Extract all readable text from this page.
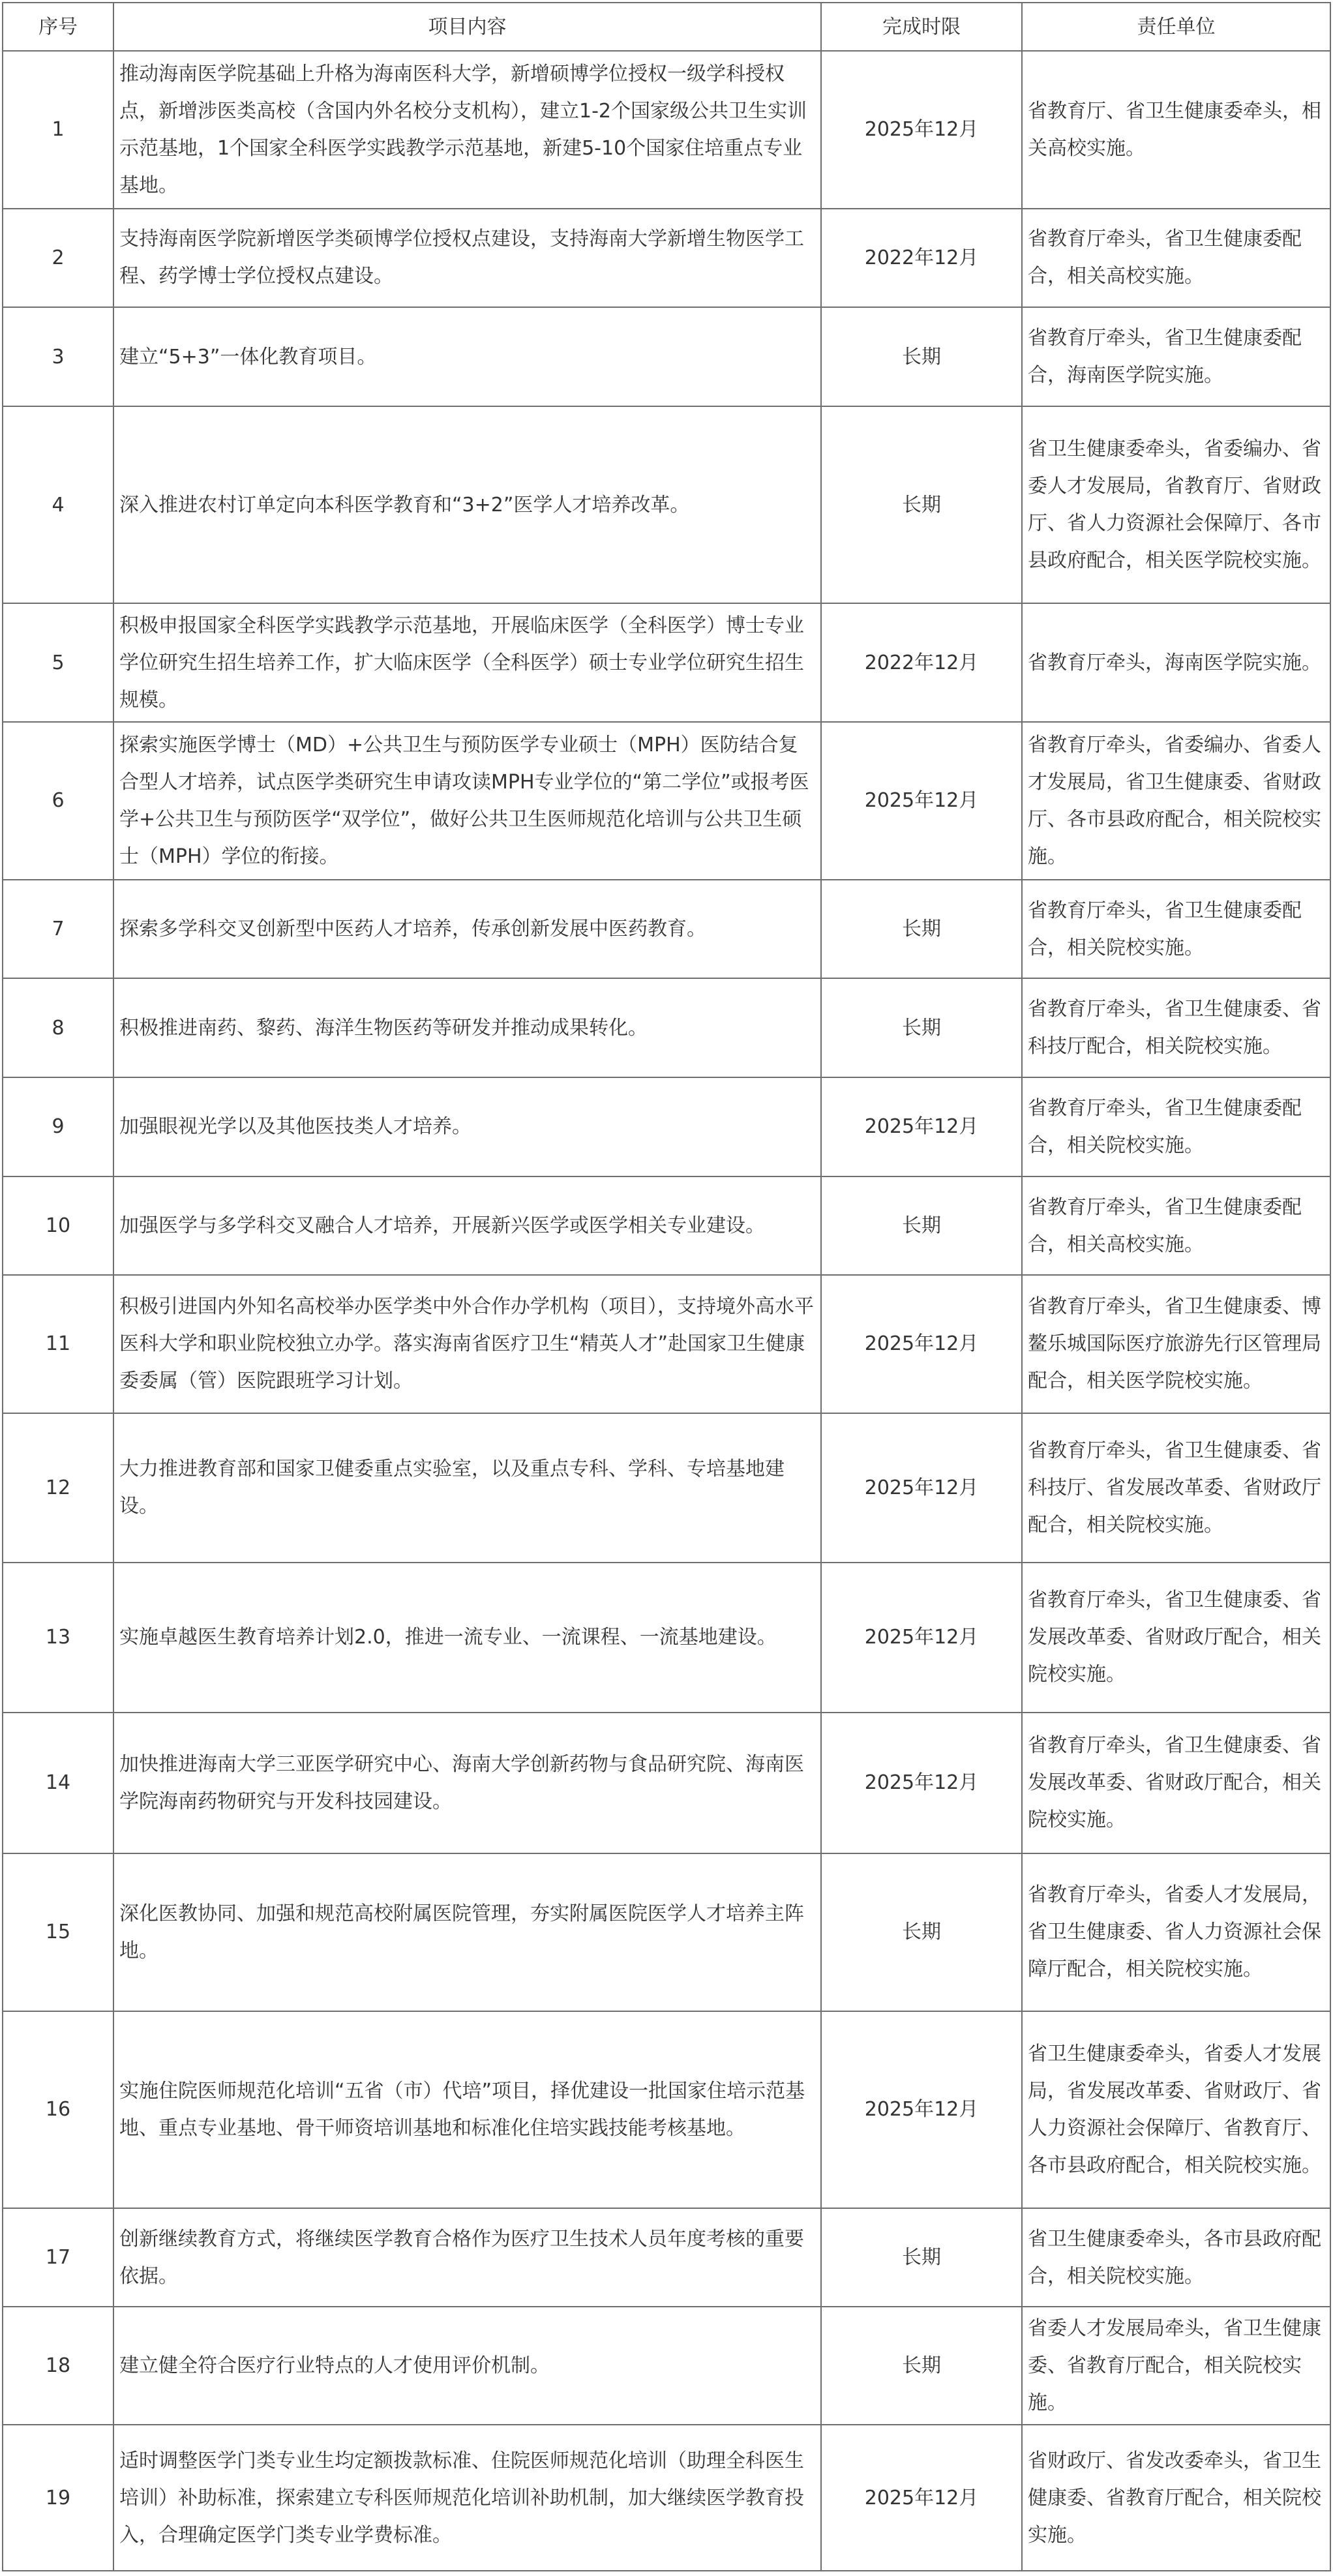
序号	项目内容	完成时限	责任单位
1	推动海南医学院基础上升格为海南医科大学，新增硕博学位授权一级学科授权点，新增涉医类高校（含国内外名校分支机构），建立1-2个国家级公共卫生实训示范基地，1个国家全科医学实践教学示范基地，新建5-10个国家住培重点专业基地。	2025年12月	省教育厅、省卫生健康委牵头，相关高校实施。
2	支持海南医学院新增医学类硕博学位授权点建设，支持海南大学新增生物医学工程、药学博士学位授权点建设。	2022年12月	省教育厅牵头，省卫生健康委配合，相关高校实施。
3	建立“5+3”一体化教育项目。	长期	省教育厅牵头，省卫生健康委配合，海南医学院实施。
4	深入推进农村订单定向本科医学教育和“3+2”医学人才培养改革。	长期	省卫生健康委牵头，省委编办、省委人才发展局，省教育厅、省财政厅、省人力资源社会保障厅、各市县政府配合，相关医学院校实施。
5	积极申报国家全科医学实践教学示范基地，开展临床医学（全科医学）博士专业学位研究生招生培养工作，扩大临床医学（全科医学）硕士专业学位研究生招生规模。	2022年12月	省教育厅牵头，海南医学院实施。
6	探索实施医学博士（MD）+公共卫生与预防医学专业硕士（MPH）医防结合复合型人才培养，试点医学类研究生申请攻读MPH专业学位的“第二学位”或报考医学+公共卫生与预防医学“双学位”，做好公共卫生医师规范化培训与公共卫生硕士（MPH）学位的衔接。	2025年12月	省教育厅牵头，省委编办、省委人才发展局，省卫生健康委、省财政厅、各市县政府配合，相关院校实施。
7	探索多学科交叉创新型中医药人才培养，传承创新发展中医药教育。	长期	省教育厅牵头，省卫生健康委配合，相关院校实施。
8	积极推进南药、黎药、海洋生物医药等研发并推动成果转化。	长期	省教育厅牵头，省卫生健康委、省科技厅配合，相关院校实施。
9	加强眼视光学以及其他医技类人才培养。	2025年12月	省教育厅牵头，省卫生健康委配合，相关院校实施。
10	加强医学与多学科交叉融合人才培养，开展新兴医学或医学相关专业建设。	长期	省教育厅牵头，省卫生健康委配合，相关高校实施。
11	积极引进国内外知名高校举办医学类中外合作办学机构（项目），支持境外高水平医科大学和职业院校独立办学。落实海南省医疗卫生“精英人才”赴国家卫生健康委委属（管）医院跟班学习计划。	2025年12月	省教育厅牵头，省卫生健康委、博鳌乐城国际医疗旅游先行区管理局配合，相关医学院校实施。
12	大力推进教育部和国家卫健委重点实验室，以及重点专科、学科、专培基地建设。	2025年12月	省教育厅牵头，省卫生健康委、省科技厅、省发展改革委、省财政厅配合，相关院校实施。
13	实施卓越医生教育培养计划2.0，推进一流专业、一流课程、一流基地建设。	2025年12月	省教育厅牵头，省卫生健康委、省发展改革委、省财政厅配合，相关院校实施。
14	加快推进海南大学三亚医学研究中心、海南大学创新药物与食品研究院、海南医学院海南药物研究与开发科技园建设。	2025年12月	省教育厅牵头，省卫生健康委、省发展改革委、省财政厅配合，相关院校实施。
15	深化医教协同、加强和规范高校附属医院管理，夯实附属医院医学人才培养主阵地。	长期	省教育厅牵头，省委人才发展局，省卫生健康委、省人力资源社会保障厅配合，相关院校实施。
16	实施住院医师规范化培训“五省（市）代培”项目，择优建设一批国家住培示范基地、重点专业基地、骨干师资培训基地和标准化住培实践技能考核基地。	2025年12月	省卫生健康委牵头，省委人才发展局，省发展改革委、省财政厅、省人力资源社会保障厅、省教育厅、各市县政府配合，相关院校实施。
17	创新继续教育方式，将继续医学教育合格作为医疗卫生技术人员年度考核的重要依据。	长期	省卫生健康委牵头，各市县政府配合，相关院校实施。
18	建立健全符合医疗行业特点的人才使用评价机制。	长期	省委人才发展局牵头，省卫生健康委、省教育厅配合，相关院校实施。
19	适时调整医学门类专业生均定额拨款标准、住院医师规范化培训（助理全科医生培训）补助标准，探索建立专科医师规范化培训补助机制，加大继续医学教育投入，合理确定医学门类专业学费标准。	2025年12月	省财政厅、省发改委牵头，省卫生健康委、省教育厅配合，相关院校实施。
